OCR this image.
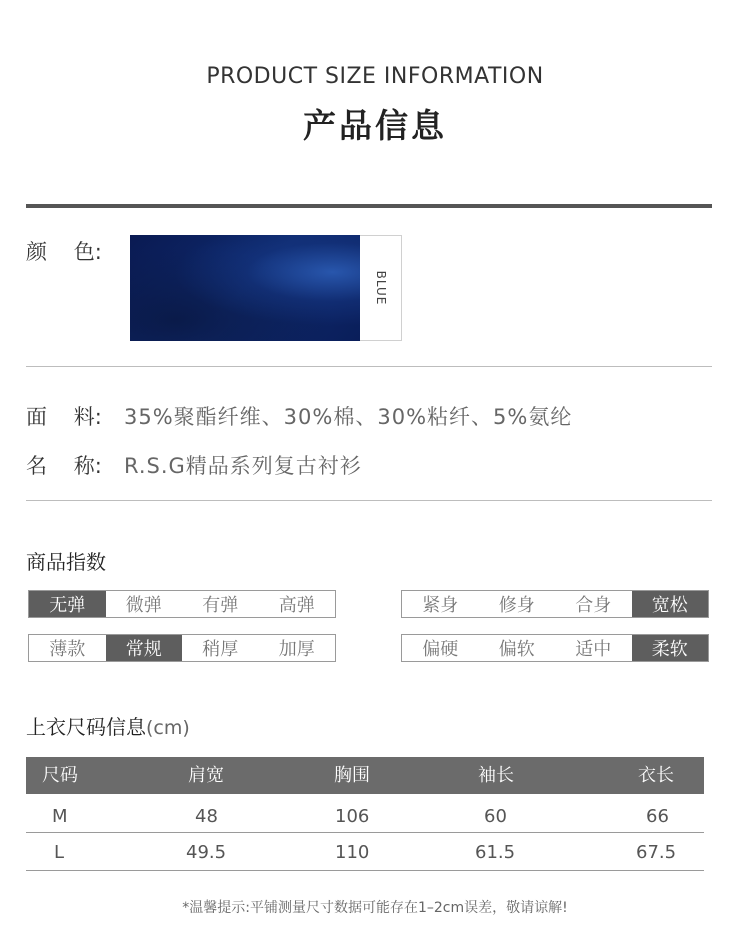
PRODUCT SIZE INFORMATION
产品信息
颜    色:
BLUE
面    料: 35%聚酯纤维、30%棉、30%粘纤、5%氨纶
名    称: R.S.G精品系列复古衬衫
商品指数
无弹	微弹	有弹	高弹	紧身	修身	合身	宽松
薄款	常规	稍厚	加厚	偏硬	偏软	适中	柔软
上衣尺码信息(cm)
尺码	肩宽	胸围	袖长	衣长
M	48	106	60	66
L	49.5	110	61.5	67.5
*温馨提示:平铺测量尺寸数据可能存在1–2cm误差，敬请谅解!
